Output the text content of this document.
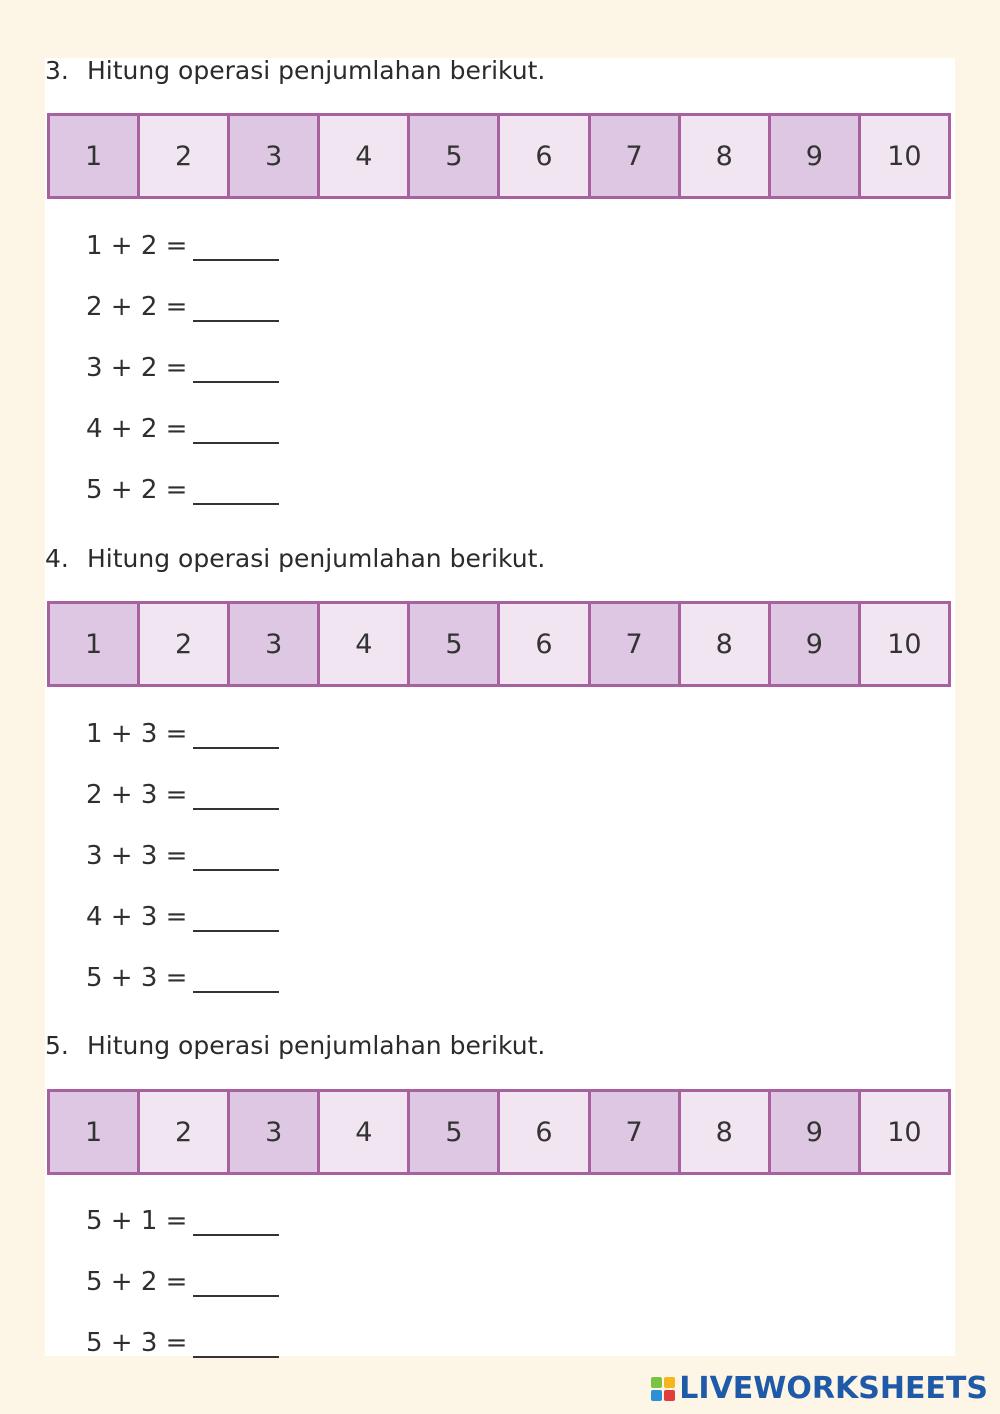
3. Hitung operasi penjumlahan berikut.
1	2	3	4	5	6	7	8	9	10
1 + 2 =
2 + 2 =
3 + 2 =
4 + 2 =
5 + 2 =
4. Hitung operasi penjumlahan berikut.
1	2	3	4	5	6	7	8	9	10
1 + 3 =
2 + 3 =
3 + 3 =
4 + 3 =
5 + 3 =
5. Hitung operasi penjumlahan berikut.
1	2	3	4	5	6	7	8	9	10
5 + 1 =
5 + 2 =
5 + 3 =
LIVEWORKSHEETS
